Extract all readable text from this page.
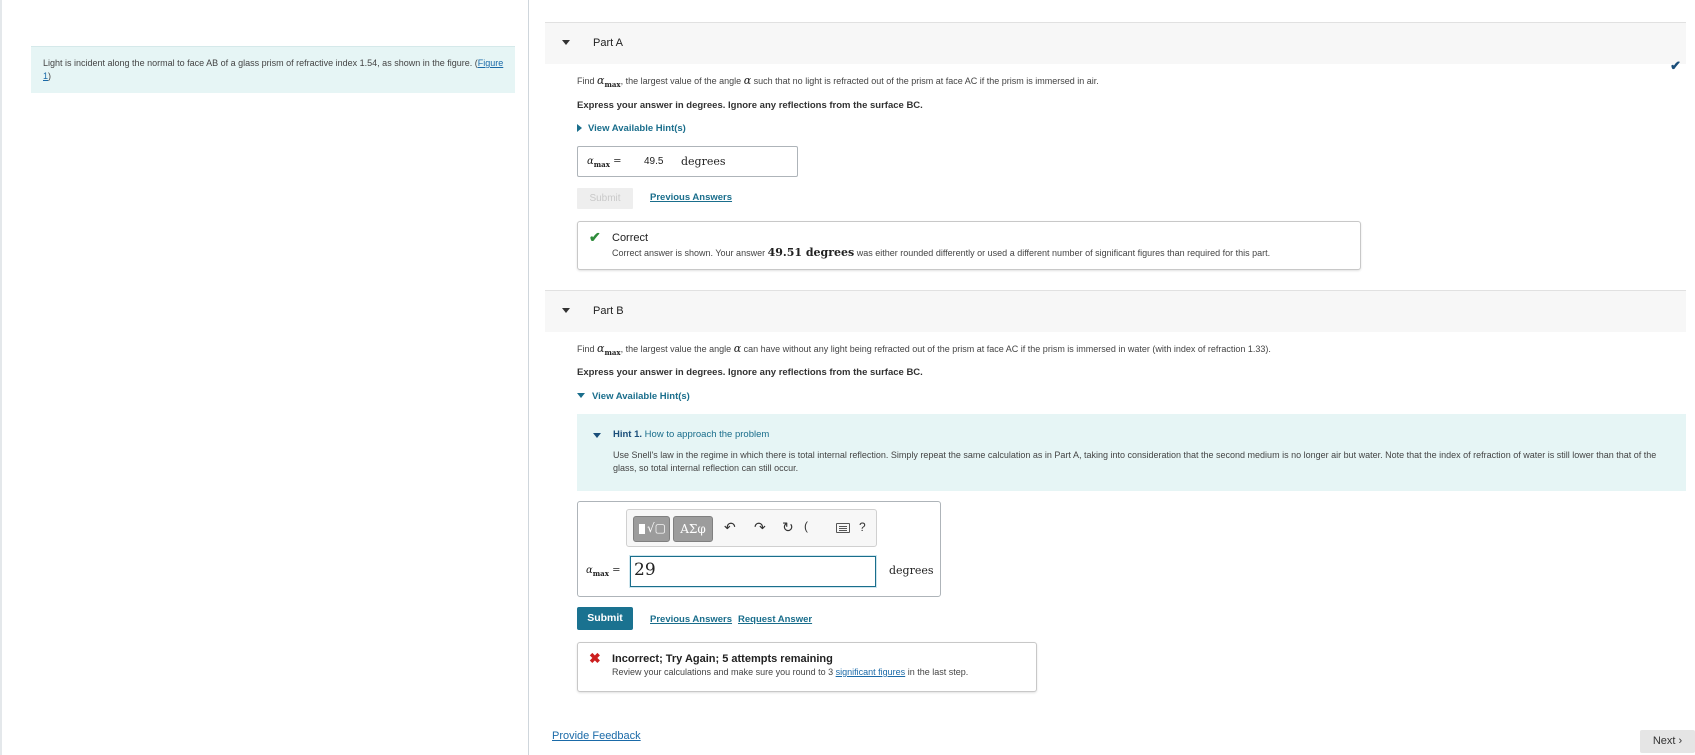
Light is incident along the normal to face AB of a glass prism of refractive index 1.54, as shown in the figure. (Figure 1)
Part A
✔
Find $\alpha_{max}$, the largest value of the angle α such that no light is refracted out of the prism at face AC if the prism is immersed in air.
Express your answer in degrees. Ignore any reflections from the surface BC.
View Available Hint(s)
$\alpha_{max} = 49.5$ degrees
Submit	Previous Answers
✔ Correct
Correct answer is shown. Your answer 49.51 degrees was either rounded differently or used a different number of significant figures than required for this part.
Part B
Find $\alpha_{max}$, the largest value the angle α can have without any light being refracted out of the prism at face AC if the prism is immersed in water (with index of refraction 1.33).
Express your answer in degrees. Ignore any reflections from the surface BC.
View Available Hint(s)
Hint 1. How to approach the problem
Use Snell's law in the regime in which there is total internal reflection. Simply repeat the same calculation as in Part A, taking into consideration that the second medium is no longer air but water. Note that the index of refraction of water is still lower than that of the glass, so total internal reflection can still occur.
√▢	ΑΣφ	↶ ↷ ↻ (	?
$\alpha_{max} = 29$	degrees
Submit	Previous Answers Request Answer
✖ Incorrect; Try Again; 5 attempts remaining
Review your calculations and make sure you round to 3 significant figures in the last step.
Provide Feedback	Next ›
